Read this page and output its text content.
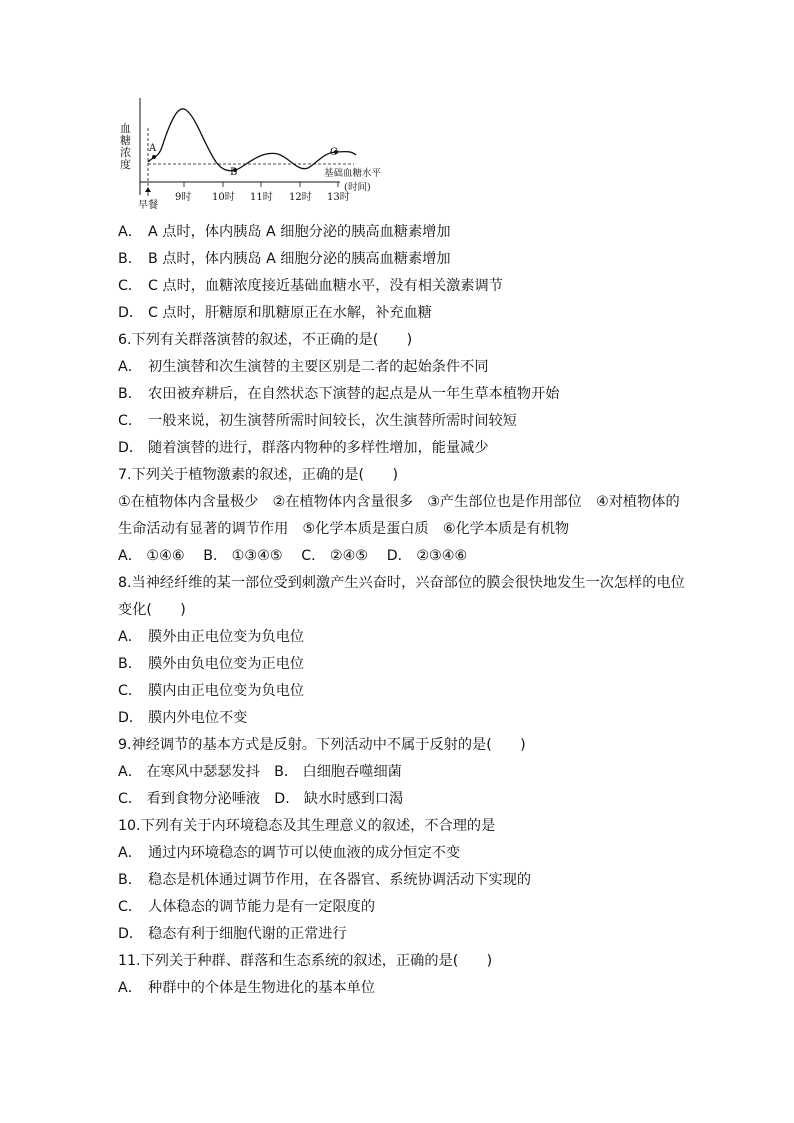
血糖浓度
基础血糖水平
A
B
C
早餐
9时 10时 11时 12时 13时
( 时间 )
A． A 点时，体内胰岛 A 细胞分泌的胰高血糖素增加
B． B 点时，体内胰岛 A 细胞分泌的胰高血糖素增加
C． C 点时，血糖浓度接近基础血糖水平，没有相关激素调节
D． C 点时，肝糖原和肌糖原正在水解，补充血糖
6.下列有关群落演替的叙述，不正确的是(　　)
A． 初生演替和次生演替的主要区别是二者的起始条件不同
B． 农田被弃耕后，在自然状态下演替的起点是从一年生草本植物开始
C． 一般来说，初生演替所需时间较长，次生演替所需时间较短
D． 随着演替的进行，群落内物种的多样性增加，能量减少
7.下列关于植物激素的叙述，正确的是(　　)
①在植物体内含量极少　②在植物体内含量很多　③产生部位也是作用部位　④对植物体的
生命活动有显著的调节作用　⑤化学本质是蛋白质　⑥化学本质是有机物
A． ①④⑥　 B． ①③④⑤　 C． ②④⑤　 D． ②③④⑥
8.当神经纤维的某一部位受到刺激产生兴奋时，兴奋部位的膜会很快地发生一次怎样的电位
变化(　　)
A． 膜外由正电位变为负电位
B． 膜外由负电位变为正电位
C． 膜内由正电位变为负电位
D． 膜内外电位不变
9.神经调节的基本方式是反射。下列活动中不属于反射的是(　　)
A． 在寒风中瑟瑟发抖　B． 白细胞吞噬细菌
C． 看到食物分泌唾液　D． 缺水时感到口渴
10.下列有关于内环境稳态及其生理意义的叙述，不合理的是
A． 通过内环境稳态的调节可以使血液的成分恒定不变
B． 稳态是机体通过调节作用，在各器官、系统协调活动下实现的
C． 人体稳态的调节能力是有一定限度的
D． 稳态有利于细胞代谢的正常进行
11.下列关于种群、群落和生态系统的叙述，正确的是(　　)
A． 种群中的个体是生物进化的基本单位
